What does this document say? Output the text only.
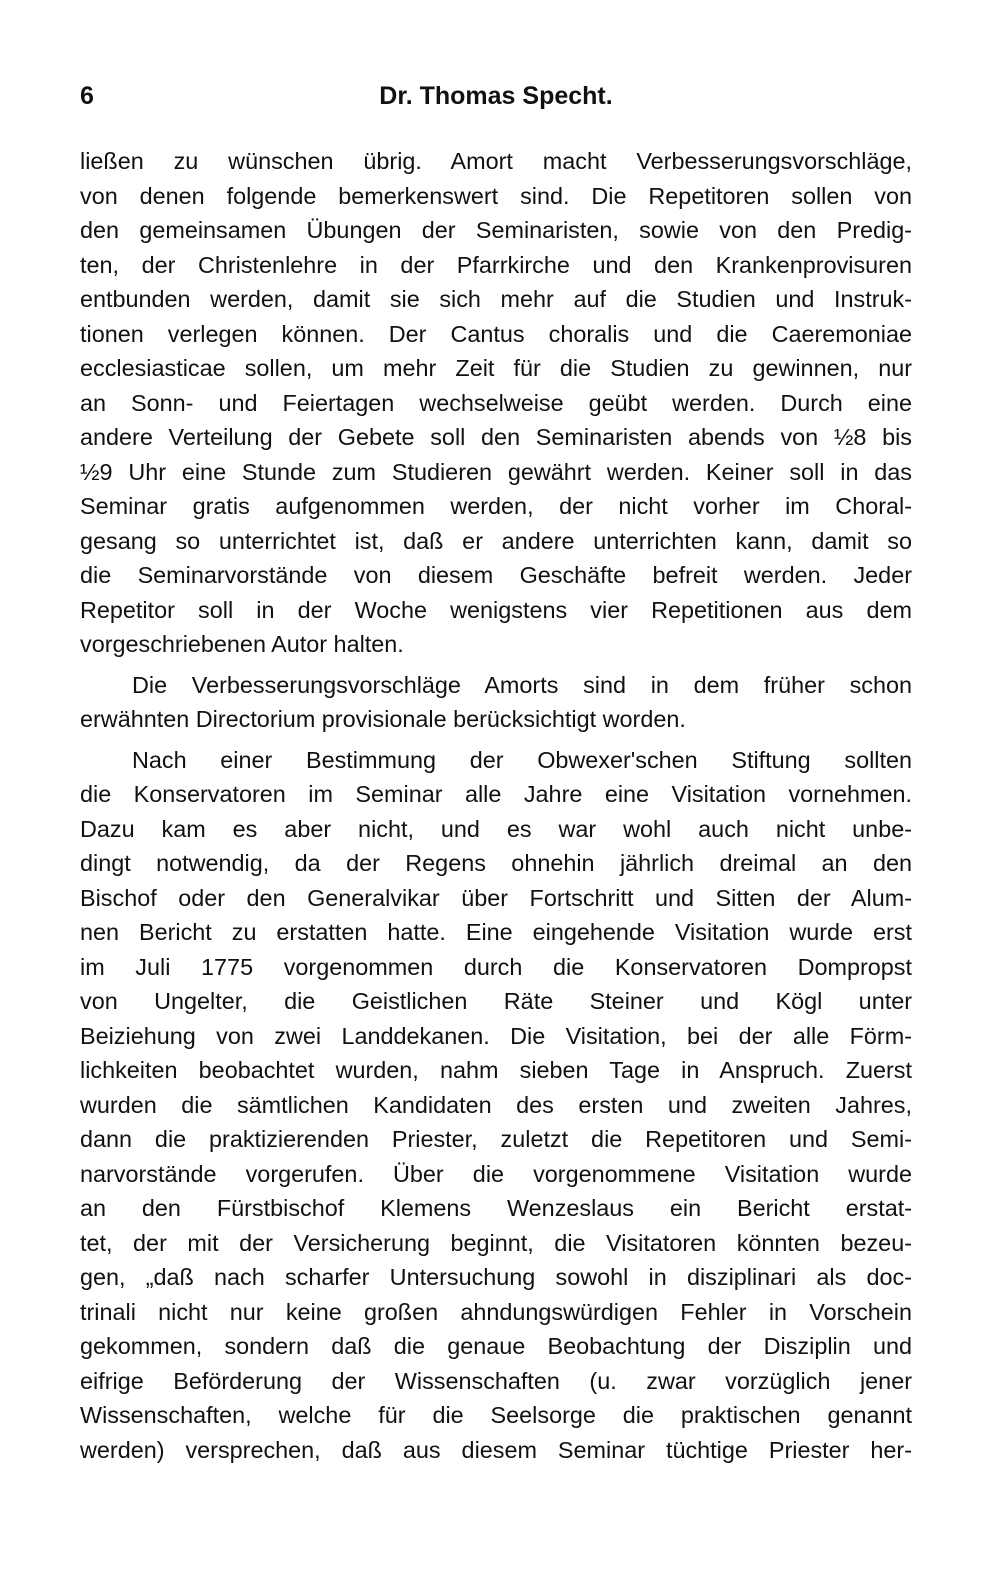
6	Dr. Thomas Specht.

ließen zu wünschen übrig. Amort macht Verbesserungsvorschläge,
von denen folgende bemerkenswert sind. Die Repetitoren sollen von
den gemeinsamen Übungen der Seminaristen, sowie von den Predig-
ten, der Christenlehre in der Pfarrkirche und den Krankenprovisuren
entbunden werden, damit sie sich mehr auf die Studien und Instruk-
tionen verlegen können. Der Cantus choralis und die Caeremoniae
ecclesiasticae sollen, um mehr Zeit für die Studien zu gewinnen, nur
an Sonn- und Feiertagen wechselweise geübt werden. Durch eine
andere Verteilung der Gebete soll den Seminaristen abends von ½8 bis
½9 Uhr eine Stunde zum Studieren gewährt werden. Keiner soll in das
Seminar gratis aufgenommen werden, der nicht vorher im Choral-
gesang so unterrichtet ist, daß er andere unterrichten kann, damit so
die Seminarvorstände von diesem Geschäfte befreit werden. Jeder
Repetitor soll in der Woche wenigstens vier Repetitionen aus dem
vorgeschriebenen Autor halten.

Die Verbesserungsvorschläge Amorts sind in dem früher schon
erwähnten Directorium provisionale berücksichtigt worden.

Nach einer Bestimmung der Obwexer'schen Stiftung sollten
die Konservatoren im Seminar alle Jahre eine Visitation vornehmen.
Dazu kam es aber nicht, und es war wohl auch nicht unbe-
dingt notwendig, da der Regens ohnehin jährlich dreimal an den
Bischof oder den Generalvikar über Fortschritt und Sitten der Alum-
nen Bericht zu erstatten hatte. Eine eingehende Visitation wurde erst
im Juli 1775 vorgenommen durch die Konservatoren Dompropst
von Ungelter, die Geistlichen Räte Steiner und Kögl unter
Beiziehung von zwei Landdekanen. Die Visitation, bei der alle Förm-
lichkeiten beobachtet wurden, nahm sieben Tage in Anspruch. Zuerst
wurden die sämtlichen Kandidaten des ersten und zweiten Jahres,
dann die praktizierenden Priester, zuletzt die Repetitoren und Semi-
narvorstände vorgerufen. Über die vorgenommene Visitation wurde
an den Fürstbischof Klemens Wenzeslaus ein Bericht erstat-
tet, der mit der Versicherung beginnt, die Visitatoren könnten bezeu-
gen, „daß nach scharfer Untersuchung sowohl in disziplinari als doc-
trinali nicht nur keine großen ahndungswürdigen Fehler in Vorschein
gekommen, sondern daß die genaue Beobachtung der Disziplin und
eifrige Beförderung der Wissenschaften (u. zwar vorzüglich jener
Wissenschaften, welche für die Seelsorge die praktischen genannt
werden) versprechen, daß aus diesem Seminar tüchtige Priester her-
